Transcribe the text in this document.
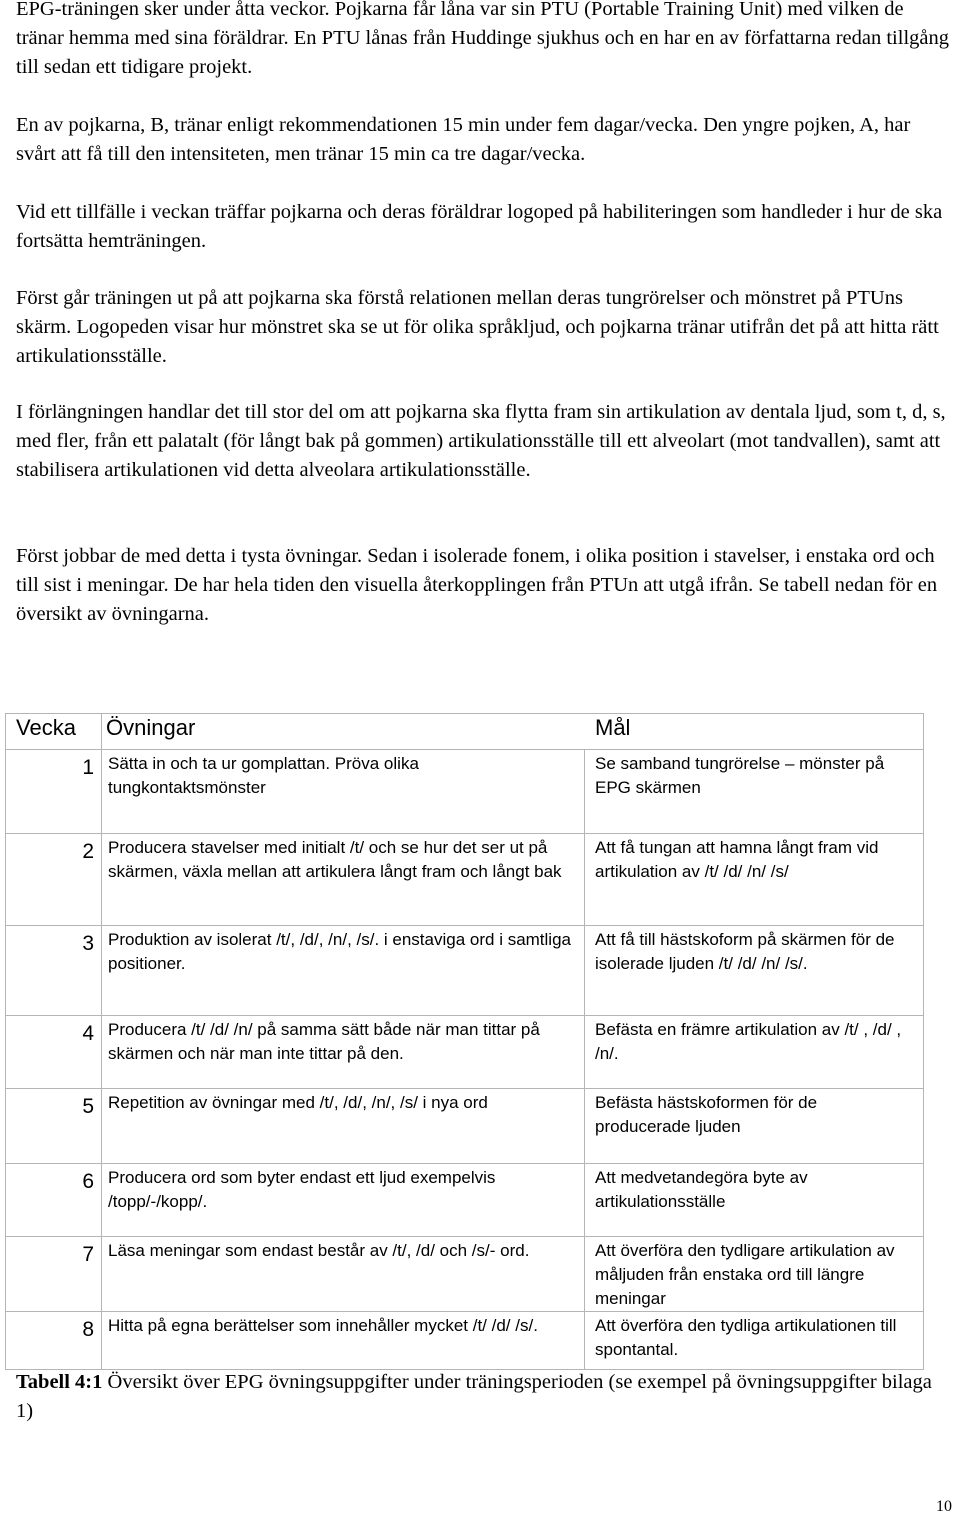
EPG-träningen sker under åtta veckor. Pojkarna får låna var sin PTU (Portable Training Unit) med vilken de tränar hemma med sina föräldrar. En PTU lånas från Huddinge sjukhus och en har en av författarna redan tillgång till sedan ett tidigare projekt.

En av pojkarna, B, tränar enligt rekommendationen 15 min under fem dagar/vecka. Den yngre pojken, A, har svårt att få till den intensiteten, men tränar 15 min ca tre dagar/vecka.

Vid ett tillfälle i veckan träffar pojkarna och deras föräldrar logoped på habiliteringen som handleder i hur de ska fortsätta hemträningen.

Först går träningen ut på att pojkarna ska förstå relationen mellan deras tungrörelser och mönstret på PTUns skärm. Logopeden visar hur mönstret ska se ut för olika språkljud, och pojkarna tränar utifrån det på att hitta rätt artikulationsställe.

I förlängningen handlar det till stor del om att pojkarna ska flytta fram sin artikulation av dentala ljud, som t, d, s, med fler, från ett palatalt (för långt bak på gommen) artikulationsställe till ett alveolart (mot tandvallen), samt att stabilisera artikulationen vid detta alveolara artikulationsställe.

Först jobbar de med detta i tysta övningar. Sedan i isolerade fonem, i olika position i stavelser, i enstaka ord och till sist i meningar. De har hela tiden den visuella återkopplingen från PTUn att utgå ifrån. Se tabell nedan för en översikt av övningarna.

Vecka	Övningar	Mål
1	Sätta in och ta ur gomplattan. Pröva olika tungkontaktsmönster	Se samband tungrörelse – mönster på EPG skärmen
2	Producera stavelser med initialt /t/ och se hur det ser ut på skärmen, växla mellan att artikulera långt fram och långt bak	Att få tungan att hamna långt fram vid artikulation av /t/ /d/ /n/ /s/
3	Produktion av isolerat /t/, /d/, /n/, /s/. i enstaviga ord i samtliga positioner.	Att få till hästskoform på skärmen för de isolerade ljuden /t/ /d/ /n/ /s/.
4	Producera /t/ /d/ /n/ på samma sätt både när man tittar på skärmen och när man inte tittar på den.	Befästa en främre artikulation av /t/ , /d/ , /n/.
5	Repetition av övningar med /t/, /d/, /n/, /s/ i nya ord	Befästa hästskoformen för de producerade ljuden
6	Producera ord som byter endast ett ljud exempelvis /topp/-/kopp/.	Att medvetandegöra byte av artikulationsställe
7	Läsa meningar som endast består av /t/, /d/ och /s/- ord.	Att överföra den tydligare artikulation av måljuden från enstaka ord till längre meningar
8	Hitta på egna berättelser som innehåller mycket /t/ /d/ /s/.	Att överföra den tydliga artikulationen till spontantal.

Tabell 4:1 Översikt över EPG övningsuppgifter under träningsperioden (se exempel på övningsuppgifter bilaga 1)

10
